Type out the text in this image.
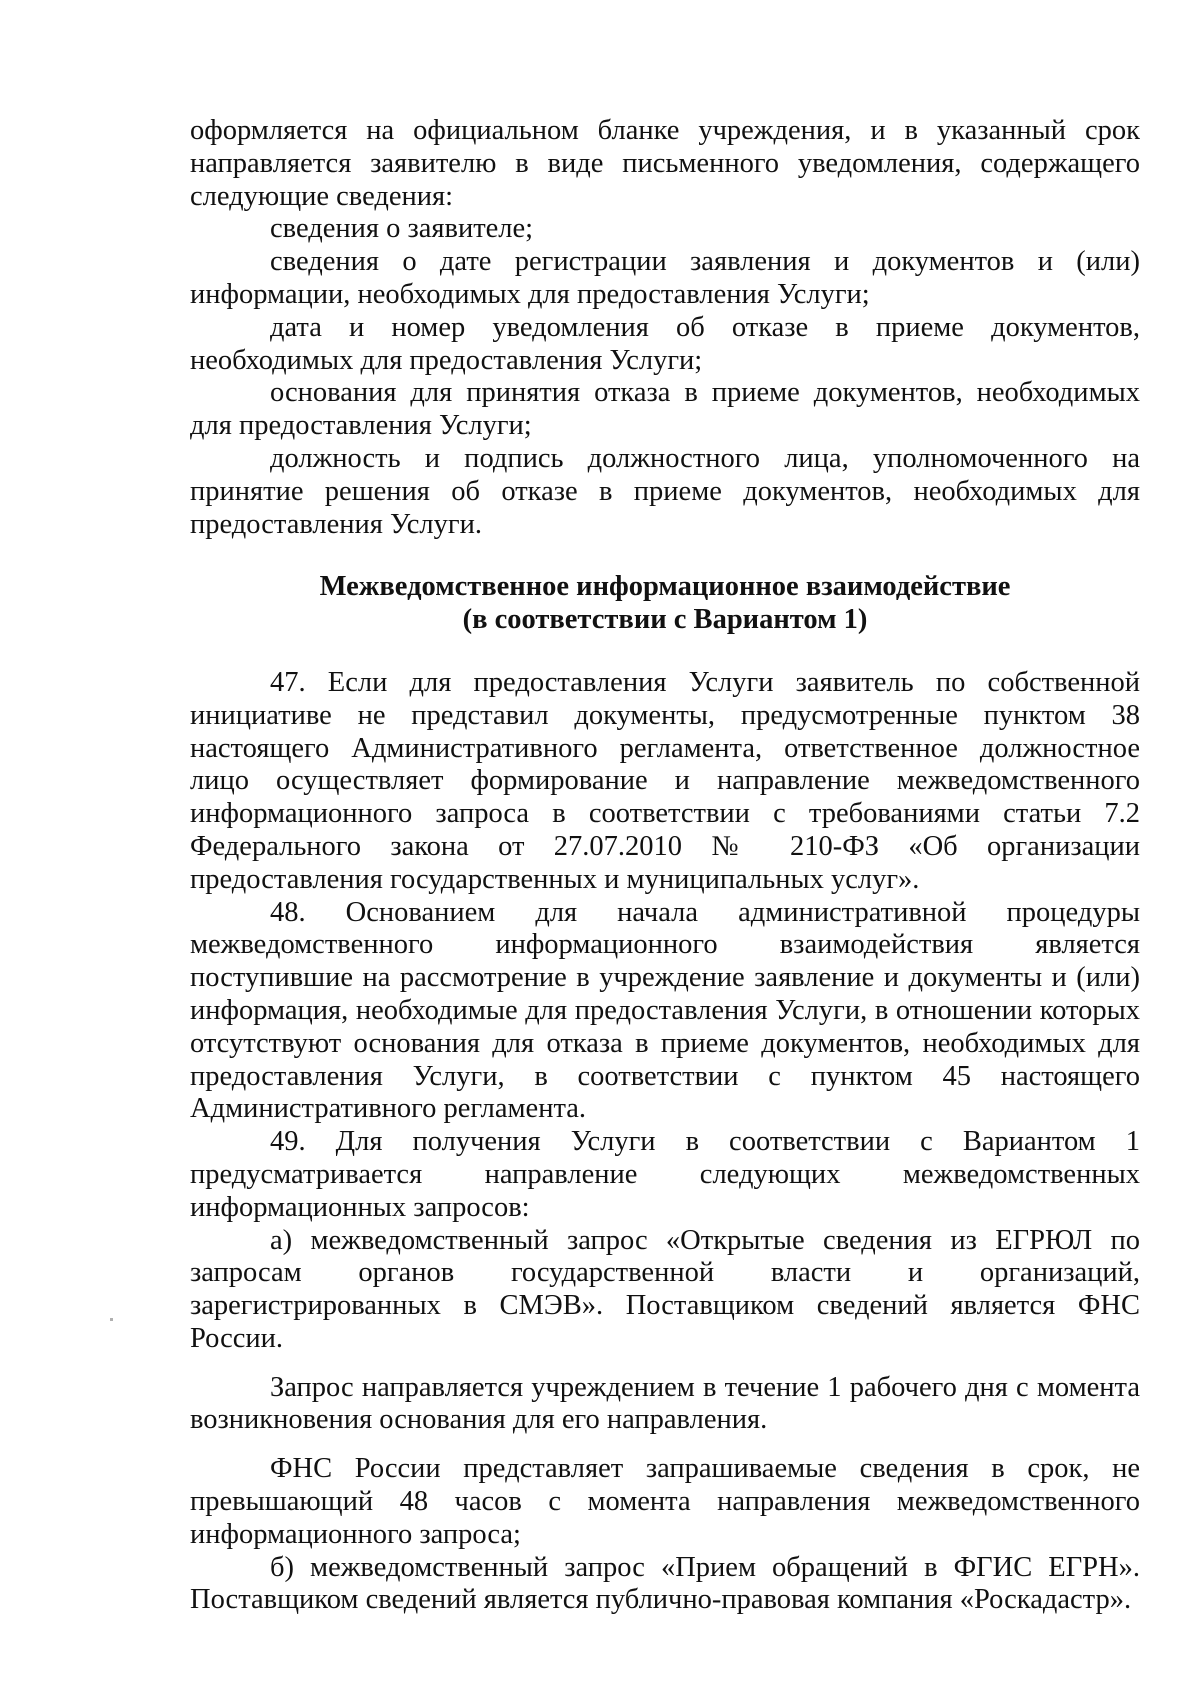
оформляется на официальном бланке учреждения, и в указанный срок направляется заявителю в виде письменного уведомления, содержащего следующие сведения:

сведения о заявителе;

сведения о дате регистрации заявления и документов и (или) информации, необходимых для предоставления Услуги;

дата и номер уведомления об отказе в приеме документов, необходимых для предоставления Услуги;

основания для принятия отказа в приеме документов, необходимых для предоставления Услуги;

должность и подпись должностного лица, уполномоченного на принятие решения об отказе в приеме документов, необходимых для предоставления Услуги.

Межведомственное информационное взаимодействие
(в соответствии с Вариантом 1)

47. Если для предоставления Услуги заявитель по собственной инициативе не представил документы, предусмотренные пунктом 38 настоящего Административного регламента, ответственное должностное лицо осуществляет формирование и направление межведомственного информационного запроса в соответствии с требованиями статьи 7.2 Федерального закона от 27.07.2010 № 210-ФЗ «Об организации предоставления государственных и муниципальных услуг».

48. Основанием для начала административной процедуры межведомственного информационного взаимодействия является поступившие на рассмотрение в учреждение заявление и документы и (или) информация, необходимые для предоставления Услуги, в отношении которых отсутствуют основания для отказа в приеме документов, необходимых для предоставления Услуги, в соответствии с пунктом 45 настоящего Административного регламента.

49. Для получения Услуги в соответствии с Вариантом 1 предусматривается направление следующих межведомственных информационных запросов:

а) межведомственный запрос «Открытые сведения из ЕГРЮЛ по запросам органов государственной власти и организаций, зарегистрированных в СМЭВ». Поставщиком сведений является ФНС России.

Запрос направляется учреждением в течение 1 рабочего дня с момента возникновения основания для его направления.

ФНС России представляет запрашиваемые сведения в срок, не превышающий 48 часов с момента направления межведомственного информационного запроса;

б) межведомственный запрос «Прием обращений в ФГИС ЕГРН». Поставщиком сведений является публично-правовая компания «Роскадастр».
